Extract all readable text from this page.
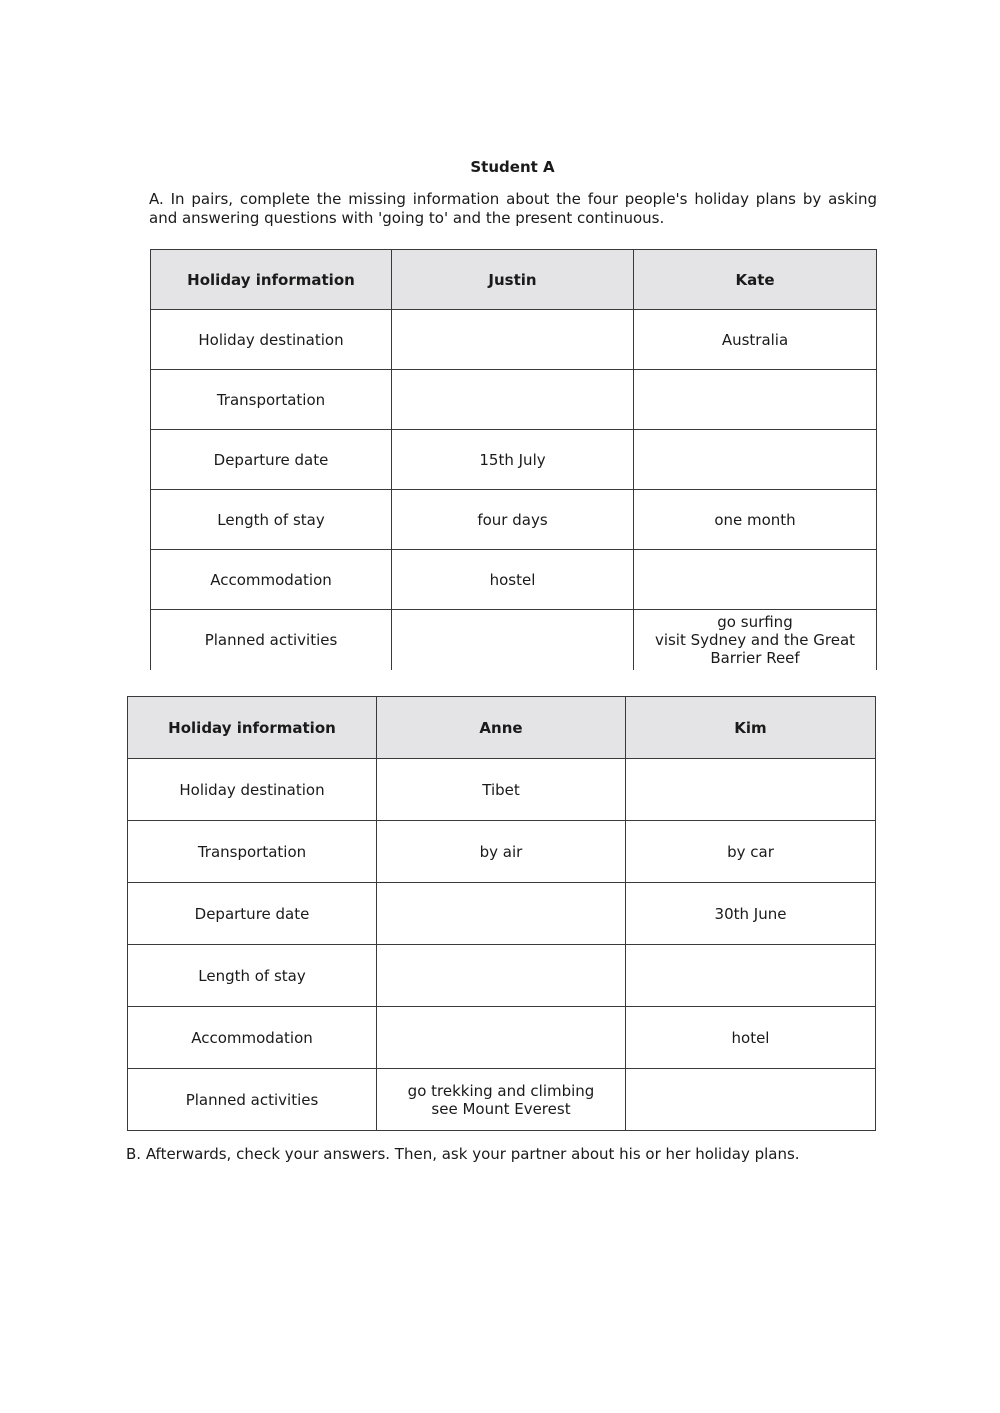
Student A
A. In pairs, complete the missing information about the four people's holiday plans by asking and answering questions with 'going to' and the present continuous.
Holiday information	Justin	Kate
Holiday destination		Australia
Transportation		
Departure date	15th July	
Length of stay	four days	one month
Accommodation	hostel	
Planned activities		go surfing
visit Sydney and the Great
Barrier Reef
Holiday information	Anne	Kim
Holiday destination	Tibet	
Transportation	by air	by car
Departure date		30th June
Length of stay		
Accommodation		hotel
Planned activities	go trekking and climbing
see Mount Everest	

B. Afterwards, check your answers. Then, ask your partner about his or her holiday plans.
